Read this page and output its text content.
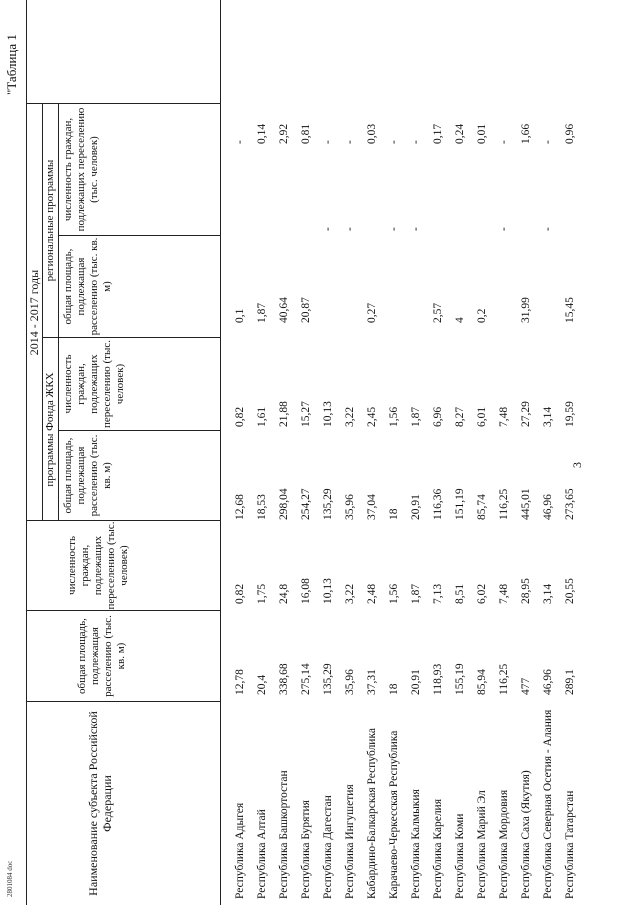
3
"Таблица 1
2801084 doc	Наименование субъекта Российской Федерации
общая площадь, подлежащая расселению (тыс. кв. м)
численность граждан, подлежащих переселению (тыс. человек)
2014 - 2017 годы
программы Фонда ЖКХ
региональные программы
общая площадь, подлежащая расселению (тыс. кв. м)
численность граждан, подлежащих переселению (тыс. человек)
общая площадь, подлежащая расселению (тыс. кв. м)
численность граждан, подлежащих переселению (тыс. человек)
Республика Адыгея
12,78
0,82
12,68
0,82
0,1
-
Республика Алтай
20,4
1,75
18,53
1,61
1,87
0,14
Республика Башкортостан
338,68
24,8
298,04
21,88
40,64
2,92
Республика Бурятия
275,14
16,08
254,27
15,27
20,87
0,81
Республика Дагестан
135,29
10,13
135,29
10,13
-
-
Республика Ингушетия
35,96
3,22
35,96
3,22
-
-
Кабардино-Балкарская Республика
37,31
2,48
37,04
2,45
0,27
0,03
Карачаево-Черкесская Республика
18
1,56
18
1,56
-
-
Республика Калмыкия
20,91
1,87
20,91
1,87
-
-
Республика Карелия
118,93
7,13
116,36
6,96
2,57
0,17
Республика Коми
155,19
8,51
151,19
8,27
4
0,24
Республика Марий Эл
85,94
6,02
85,74
6,01
0,2
0,01
Республика Мордовия
116,25
7,48
116,25
7,48
-
-
Республика Саха (Якутия)
477
28,95
445,01
27,29
31,99
1,66
Республика Северная Осетия - Алания
46,96
3,14
46,96
3,14
-
-
Республика Татарстан
289,1
20,55
273,65
19,59
15,45
0,96
